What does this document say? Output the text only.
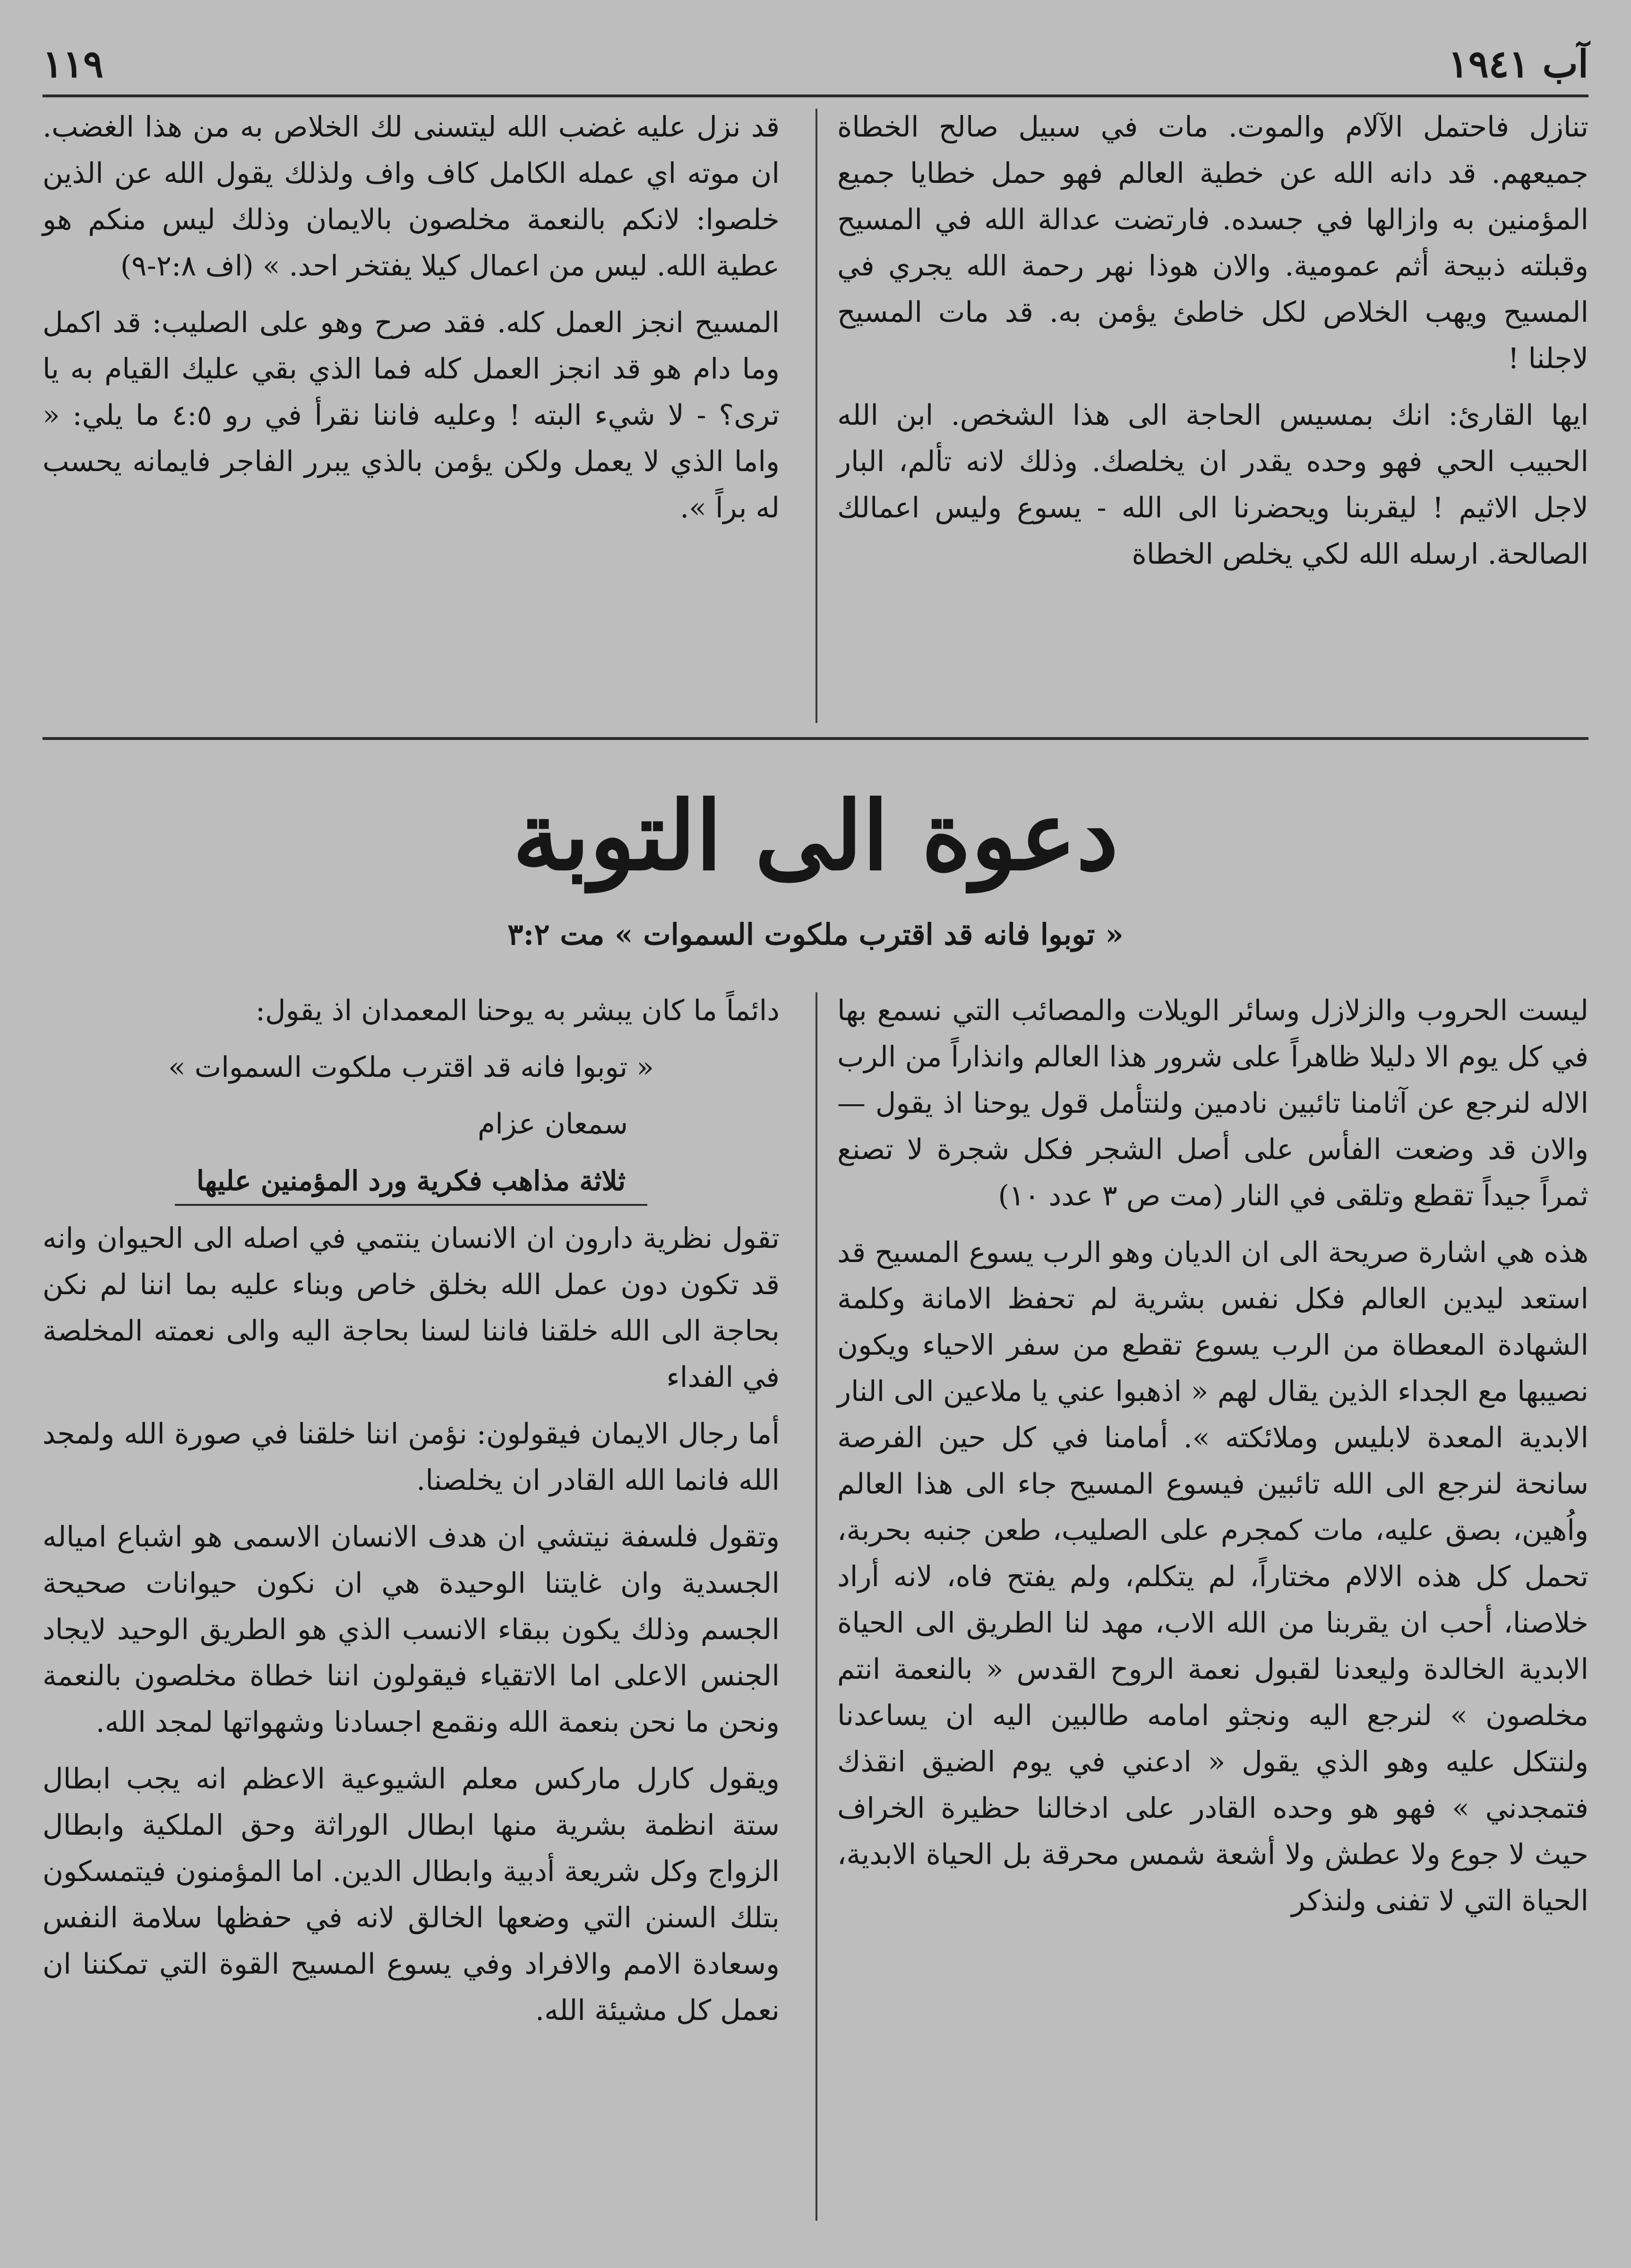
آب ١٩٤١
١١٩

تنازل فاحتمل الآلام والموت. مات في سبيل صالح الخطاة جميعهم. قد دانه الله عن خطية العالم فهو حمل خطايا جميع المؤمنين به وازالها في جسده. فارتضت عدالة الله في المسيح وقبلته ذبيحة أثم عمومية. والان هوذا نهر رحمة الله يجري في المسيح ويهب الخلاص لكل خاطئ يؤمن به. قد مات المسيح لاجلنا !

ايها القارئ: انك بمسيس الحاجة الى هذا الشخص. ابن الله الحبيب الحي فهو وحده يقدر ان يخلصك. وذلك لانه تألم، البار لاجل الاثيم ! ليقربنا ويحضرنا الى الله - يسوع وليس اعمالك الصالحة. ارسله الله لكي يخلص الخطاة

قد نزل عليه غضب الله ليتسنى لك الخلاص به من هذا الغضب. ان موته اي عمله الكامل كاف واف ولذلك يقول الله عن الذين خلصوا: لانكم بالنعمة مخلصون بالايمان وذلك ليس منكم هو عطية الله. ليس من اعمال كيلا يفتخر احد. » (اف ٢:٨-٩)

المسيح انجز العمل كله. فقد صرح وهو على الصليب: قد اكمل وما دام هو قد انجز العمل كله فما الذي بقي عليك القيام به يا ترى؟ - لا شيء البته ! وعليه فاننا نقرأ في رو ٤:٥ ما يلي: « واما الذي لا يعمل ولكن يؤمن بالذي يبرر الفاجر فايمانه يحسب له براً ».

دعوة الى التوبة
« توبوا فانه قد اقترب ملكوت السموات » مت ٣:٢

ليست الحروب والزلازل وسائر الويلات والمصائب التي نسمع بها في كل يوم الا دليلا ظاهراً على شرور هذا العالم وانذاراً من الرب الاله لنرجع عن آثامنا تائبين نادمين ولنتأمل قول يوحنا اذ يقول — والان قد وضعت الفأس على أصل الشجر فكل شجرة لا تصنع ثمراً جيداً تقطع وتلقى في النار (مت ص ٣ عدد ١٠)

هذه هي اشارة صريحة الى ان الديان وهو الرب يسوع المسيح قد استعد ليدين العالم فكل نفس بشرية لم تحفظ الامانة وكلمة الشهادة المعطاة من الرب يسوع تقطع من سفر الاحياء ويكون نصيبها مع الجداء الذين يقال لهم « اذهبوا عني يا ملاعين الى النار الابدية المعدة لابليس وملائكته ». أمامنا في كل حين الفرصة سانحة لنرجع الى الله تائبين فيسوع المسيح جاء الى هذا العالم واُهين، بصق عليه، مات كمجرم على الصليب، طعن جنبه بحربة، تحمل كل هذه الالام مختاراً، لم يتكلم، ولم يفتح فاه، لانه أراد خلاصنا، أحب ان يقربنا من الله الاب، مهد لنا الطريق الى الحياة الابدية الخالدة وليعدنا لقبول نعمة الروح القدس « بالنعمة انتم مخلصون » لنرجع اليه ونجثو امامه طالبين اليه ان يساعدنا ولنتكل عليه وهو الذي يقول « ادعني في يوم الضيق انقذك فتمجدني » فهو هو وحده القادر على ادخالنا حظيرة الخراف حيث لا جوع ولا عطش ولا أشعة شمس محرقة بل الحياة الابدية، الحياة التي لا تفنى ولنذكر

دائماً ما كان يبشر به يوحنا المعمدان اذ يقول:

« توبوا فانه قد اقترب ملكوت السموات »

سمعان عزام

ثلاثة مذاهب فكرية ورد المؤمنين عليها

تقول نظرية دارون ان الانسان ينتمي في اصله الى الحيوان وانه قد تكون دون عمل الله بخلق خاص وبناء عليه بما اننا لم نكن بحاجة الى الله خلقنا فاننا لسنا بحاجة اليه والى نعمته المخلصة في الفداء

أما رجال الايمان فيقولون: نؤمن اننا خلقنا في صورة الله ولمجد الله فانما الله القادر ان يخلصنا.

وتقول فلسفة نيتشي ان هدف الانسان الاسمى هو اشباع امياله الجسدية وان غايتنا الوحيدة هي ان نكون حيوانات صحيحة الجسم وذلك يكون ببقاء الانسب الذي هو الطريق الوحيد لايجاد الجنس الاعلى اما الاتقياء فيقولون اننا خطاة مخلصون بالنعمة ونحن ما نحن بنعمة الله ونقمع اجسادنا وشهواتها لمجد الله.

ويقول كارل ماركس معلم الشيوعية الاعظم انه يجب ابطال ستة انظمة بشرية منها ابطال الوراثة وحق الملكية وابطال الزواج وكل شريعة أدبية وابطال الدين. اما المؤمنون فيتمسكون بتلك السنن التي وضعها الخالق لانه في حفظها سلامة النفس وسعادة الامم والافراد وفي يسوع المسيح القوة التي تمكننا ان نعمل كل مشيئة الله.
